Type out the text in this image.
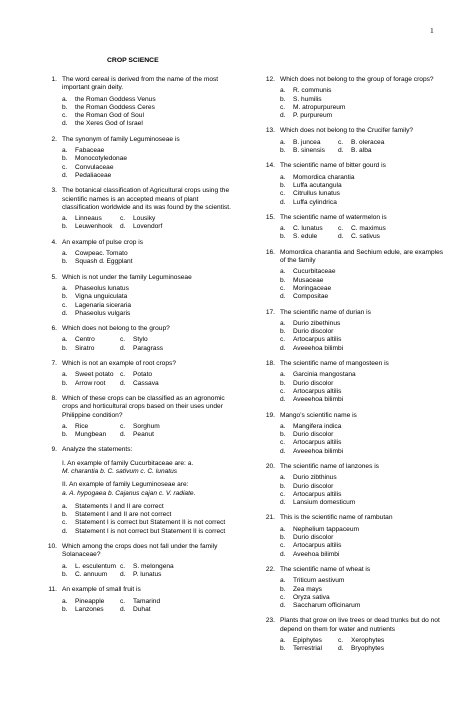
1
CROP SCIENCE
1. The word cereal is derived from the name of the most important grain deity.
a.	the Roman Goddess Venus
b.	the Roman Goddess Ceres
c.	the Roman God of Soul
d.	the Xeres God of Israel
2. The synonym of family Leguminoseae is
a.	Fabaceae
b.	Monocotyledonae
c.	Convulaceae
d.	Pedaliaceae
3. The botanical classification of Agricultural crops using the scientific names is an accepted means of plant classification worldwide and its was found by the scientist.
a.	Linneaus	c.	Lousiky
b.	Leuwenhook d.	Lovendorf
4. An example of pulse crop is
a.	Cowpeac. Tomato
b.	Squash d. Eggplant
5. Which is not under the family Leguminoseae
a.	Phaseolus lunatus
b.	Vigna unguiculata
c.	Lagenaria siceraria
d.	Phaseolus vulgaris
6. Which does not belong to the group?
a.	Centro	c.	Stylo
b.	Siratro	d.	Paragrass
7. Which is not an example of root crops?
a.	Sweet potato c.	Potato
b.	Arrow root d.	Cassava
8. Which of these crops can be classified as an agronomic crops and horticultural crops based on their uses under Philippine condition?
a.	Rice	c.	Sorghum
b.	Mungbean d.	Peanut
9. Analyze the statements:
I. An example of family Cucurbitaceae are: a.
M. charantia b. C. sativum c. C. lunatus
II. An example of family Leguminoseae are:
a. A. hypogaea b. Cajanus cajan c. V. radiate.
a.	Statements I and II are correct
b.	Statement I and II are not correct
c.	Statement I is correct but Statement II is not correct
d.	Statement I is not correct but Statement II is correct
10. Which among the crops does not fall under the family Solanaceae?
a.	L. esculentum c.	S. melongena
b.	C. annuum d.	P. lunatus
11. An example of small fruit is
a.	Pineapple c.	Tamarind
b.	Lanzones d.	Duhat
12. Which does not belong to the group of forage crops?
a.	R. communis
b.	S. humilis
c.	M. atropurpureum
d.	P. purpureum
13. Which does not belong to the Crucifer family?
a.	B. juncea	c.	B. oleracea
b.	B. sinensis d.	B. alba
14. The scientific name of bitter gourd is
a.	Momordica charantia
b.	Luffa acutangula
c.	Citrullus lunatus
d.	Luffa cylindrica
15. The scientific name of watermelon is
a.	C. lunatus c.	C. maximus
b.	S. edule	d.	C. sativus
16. Momordica charantia and Sechium edule, are examples of the family
a.	Cucurbitaceae
b.	Musaceae
c.	Moringaceae
d.	Compositae
17. The scientific name of durian is
a.	Durio zibethinus
b.	Durio discolor
c.	Artocarpus altilis
d.	Aveeehoa bilimbi
18. The scientific name of mangosteen is
a.	Garcinia mangostana
b.	Durio discolor
c.	Artocarpus altilis
d.	Aveeehoa bilimbi
19. Mango’s scientific name is
a.	Mangifera indica
b.	Durio discolor
c.	Artocarpus altilis
d.	Aveeehoa bilimbi
20. The scientific name of lanzones is
a.	Durio zibthinus
b.	Durio discolor
c.	Artocarpus altilis
d.	Lansium domesticum
21. This is the scientific name of rambutan
a.	Nephelium tappaceum
b.	Durio discolor
c.	Artocarpus altilis
d.	Aveehoa bilimbi
22. The scientific name of wheat is
a.	Triticum aestivum
b.	Zea mays
c.	Oryza sativa
d.	Saccharum officinarum
23. Plants that grow on live trees or dead trunks but do not depend on them for water and nutrients
a.	Epiphytes c.	Xerophytes
b.	Terrestrial d.	Bryophytes
